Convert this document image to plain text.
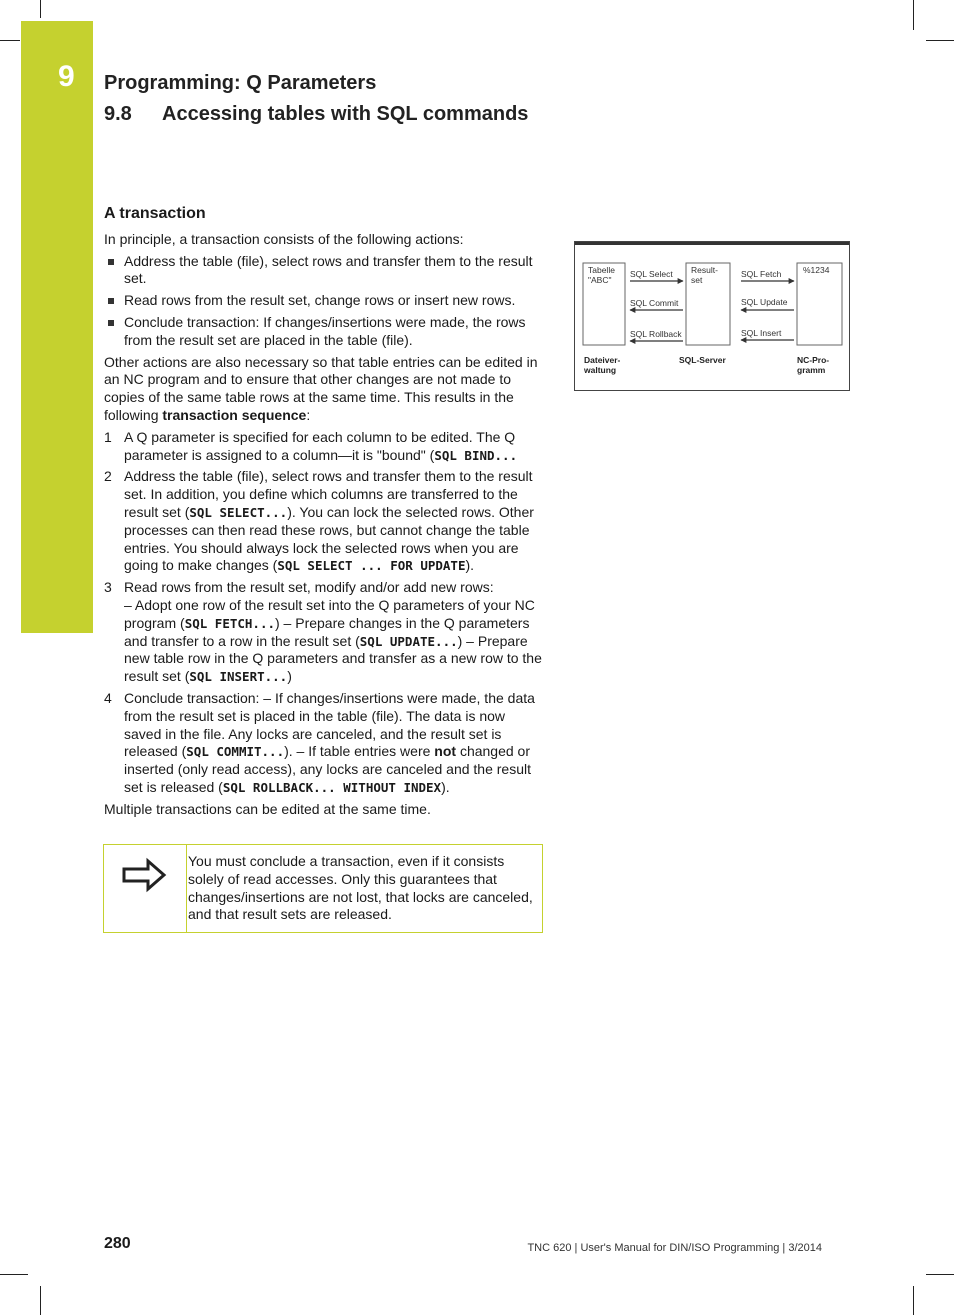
9	Programming: Q Parameters
9.8 Accessing tables with SQL commands
A transaction

In principle, a transaction consists of the following actions:

Address the table (file), select rows and transfer them to the result set.
Read rows from the result set, change rows or insert new rows.
Conclude transaction: If changes/insertions were made, the rows from the result set are placed in the table (file).

Other actions are also necessary so that table entries can be edited in an NC program and to ensure that other changes are not made to copies of the same table rows at the same time. This results in the following transaction sequence:

1 A Q parameter is specified for each column to be edited. The Q parameter is assigned to a column—it is "bound" (SQL BIND...
2 Address the table (file), select rows and transfer them to the result set. In addition, you define which columns are transferred to the result set (SQL SELECT...). You can lock the selected rows. Other processes can then read these rows, but cannot change the table entries. You should always lock the selected rows when you are going to make changes (SQL SELECT ... FOR UPDATE).
3 Read rows from the result set, modify and/or add new rows:
– Adopt one row of the result set into the Q parameters of your NC program (SQL FETCH...) – Prepare changes in the Q parameters and transfer to a row in the result set (SQL UPDATE...) – Prepare new table row in the Q parameters and transfer as a new row to the result set (SQL INSERT...)
4 Conclude transaction: – If changes/insertions were made, the data from the result set is placed in the table (file). The data is now saved in the file. Any locks are canceled, and the result set is released (SQL COMMIT...). – If table entries were not changed or inserted (only read access), any locks are canceled and the result set is released (SQL ROLLBACK... WITHOUT INDEX).

Multiple transactions can be edited at the same time.

You must conclude a transaction, even if it consists solely of read accesses. Only this guarantees that changes/insertions are not lost, that locks are canceled, and that result sets are released.
Tabelle
"ABC"
Result-
set
%1234
SQL Select
SQL Commit
SQL Rollback
SQL Fetch
SQL Update
SQL Insert
Dateiver-
waltung
SQL-Server	NC-Pro-
gramm
280	TNC 620 | User's Manual for DIN/ISO Programming | 3/2014
